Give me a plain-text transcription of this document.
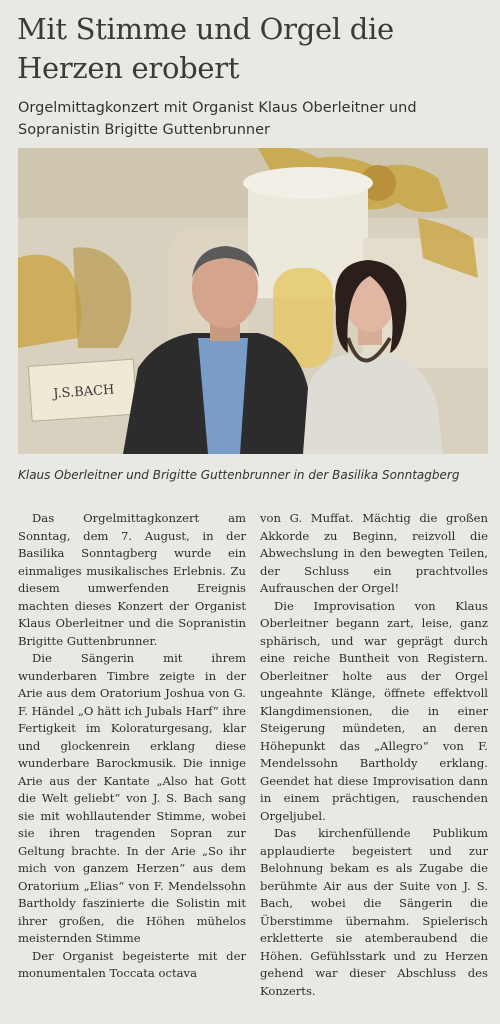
Mit Stimme und Orgel die
Herzen erobert
Orgelmittagkonzert mit Organist Klaus Oberleitner und
Sopranistin Brigitte Guttenbrunner
J.S.BACH
Klaus Oberleitner und Brigitte Guttenbrunner in der Basilika Sonntagberg

Das Orgelmittagkonzert am Sonntag, dem 7. August, in der Basilika Sonntagberg wurde ein einmaliges musikalisches Erlebnis. Zu diesem umwerfenden Ereignis machten dieses Konzert der Organist Klaus Oberleitner und die Sopranistin Brigitte Guttenbrunner.

Die Sängerin mit ihrem wunderbaren Timbre zeigte in der Arie aus dem Oratorium Joshua von G. F. Händel „O hätt ich Jubals Harf“ ihre Fertigkeit im Koloraturgesang, klar und glockenrein erklang diese wunderbare Barockmusik. Die innige Arie aus der Kantate „Also hat Gott die Welt geliebt“ von J. S. Bach sang sie mit wohllautender Stimme, wobei sie ihren tragenden Sopran zur Geltung brachte. In der Arie „So ihr mich von ganzem Herzen“ aus dem Oratorium „Elias“ von F. Mendelssohn Bartholdy faszinierte die Solistin mit ihrer großen, die Höhen mühelos meisternden Stimme

Der Organist begeisterte mit der monumentalen Toccata octava

von G. Muffat. Mächtig die großen Akkorde zu Beginn, reizvoll die Abwechslung in den bewegten Teilen, der Schluss ein prachtvolles Aufrauschen der Orgel!

Die Improvisation von Klaus Oberleitner begann zart, leise, ganz sphärisch, und war geprägt durch eine reiche Buntheit von Registern. Oberleitner holte aus der Orgel ungeahnte Klänge, öffnete effektvoll Klangdimensionen, die in einer Steigerung mündeten, an deren Höhepunkt das „Allegro“ von F. Mendelssohn Bartholdy erklang. Geendet hat diese Improvisation dann in einem prächtigen, rauschenden Orgeljubel.

Das kirchenfüllende Publikum applaudierte begeistert und zur Belohnung bekam es als Zugabe die berühmte Air aus der Suite von J. S. Bach, wobei die Sängerin die Überstimme übernahm. Spielerisch erkletterte sie atemberaubend die Höhen. Gefühlsstark und zu Herzen gehend war dieser Abschluss des Konzerts.
